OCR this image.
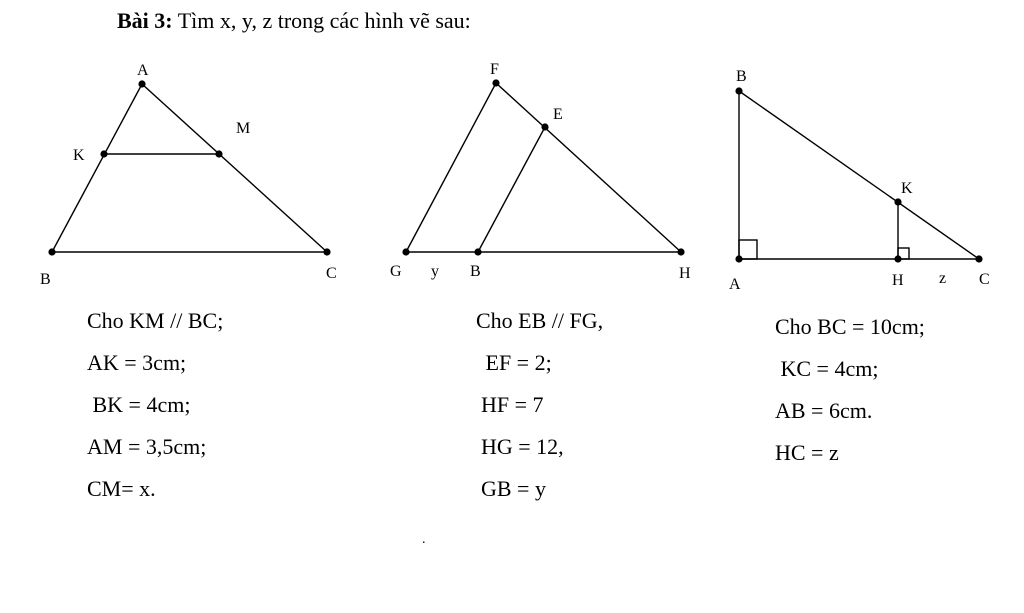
Bài 3: Tìm x, y, z trong các hình vẽ sau:
A
K
M
B	C
F
E
G y B	H
B
K
A	H z C
Cho KM // BC;
AK = 3cm;
BK = 4cm;
AM = 3,5cm;
CM= x.
Cho EB // FG,
EF = 2;
HF = 7
HG = 12,
GB = y
Cho BC = 10cm;
KC = 4cm;
AB = 6cm.
HC = z
.
